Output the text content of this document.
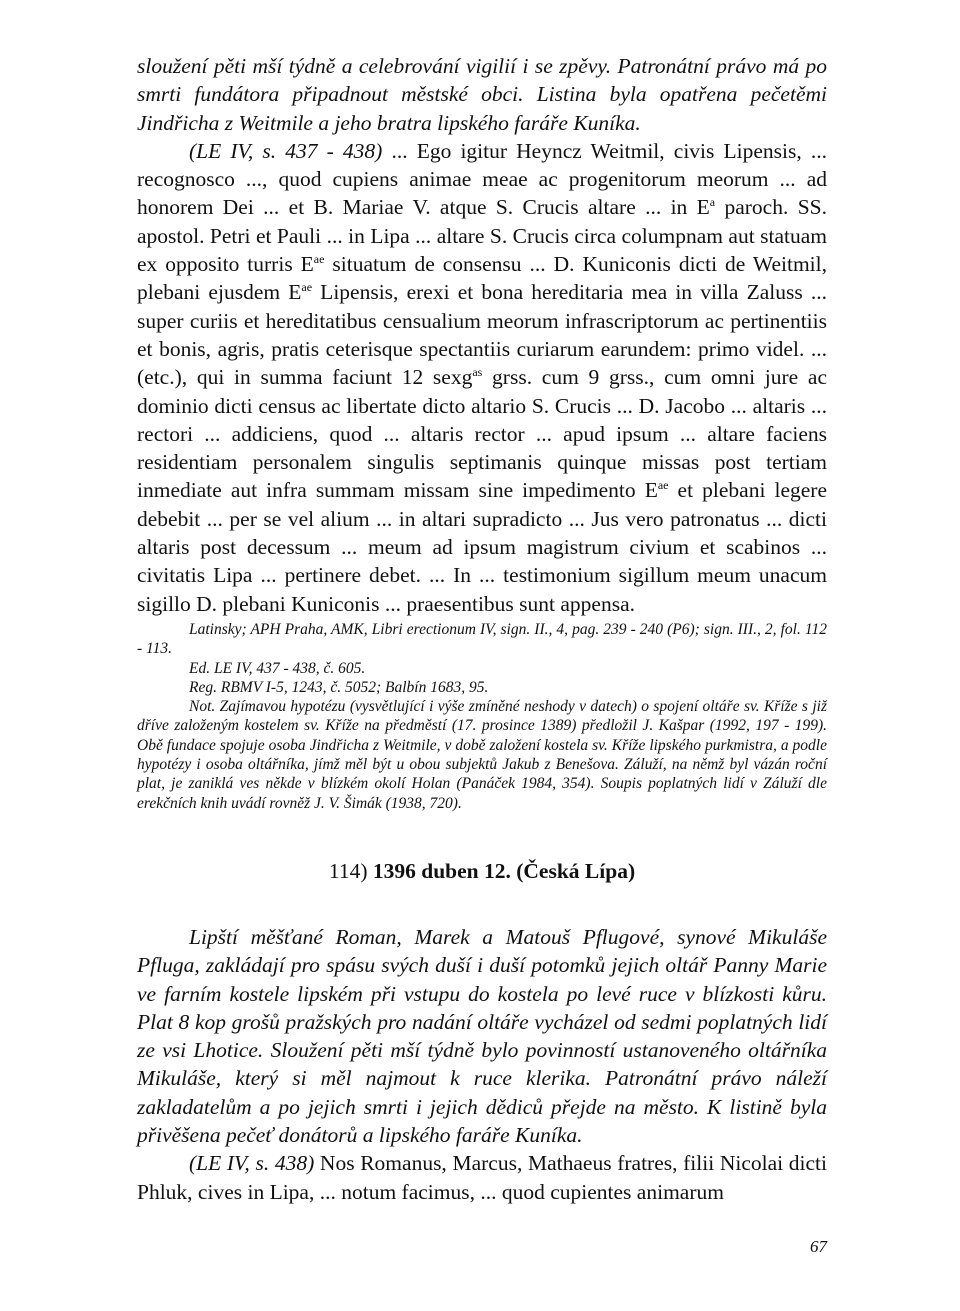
sloužení pěti mší týdně a celebrování vigilií i se zpěvy. Patronátní právo má po smrti fundátora připadnout městské obci. Listina byla opatřena pečetěmi Jindřicha z Weitmile a jeho bratra lipského faráře Kuníka.

(LE IV, s. 437 - 438) ... Ego igitur Heyncz Weitmil, civis Lipensis, ... recognosco ..., quod cupiens animae meae ac progenitorum meorum ... ad honorem Dei ... et B. Mariae V. atque S. Crucis altare ... in $E^a$ paroch. SS. apostol. Petri et Pauli ... in Lipa ... altare S. Crucis circa columpnam aut statuam ex opposito turris $E^{ae}$ situatum de consensu ... D. Kuniconis dicti de Weitmil, plebani ejusdem $E^{ae}$ Lipensis, erexi et bona hereditaria mea in villa Zaluss ... super curiis et hereditatibus censualium meorum infrascriptorum ac pertinentiis et bonis, agris, pratis ceterisque spectantiis curiarum earundem: primo videl. ... (etc.), qui in summa faciunt 12 sexg$^{as}$ grss. cum 9 grss., cum omni jure ac dominio dicti census ac libertate dicto altario S. Crucis ... D. Jacobo ... altaris ... rectori ... addiciens, quod ... altaris rector ... apud ipsum ... altare faciens residentiam personalem singulis septimanis quinque missas post tertiam inmediate aut infra summam missam sine impedimento $E^{ae}$ et plebani legere debebit ... per se vel alium ... in altari supradicto ... Jus vero patronatus ... dicti altaris post decessum ... meum ad ipsum magistrum civium et scabinos ... civitatis Lipa ... pertinere debet. ... In ... testimonium sigillum meum unacum sigillo D. plebani Kuniconis ... praesentibus sunt appensa.

Latinsky; APH Praha, AMK, Libri erectionum IV, sign. II., 4, pag. 239 - 240 (P6); sign. III., 2, fol. 112 - 113.

Ed. LE IV, 437 - 438, č. 605.

Reg. RBMV I-5, 1243, č. 5052; Balbín 1683, 95.

Not. Zajímavou hypotézu (vysvětlující i výše zmíněné neshody v datech) o spojení oltáře sv. Kříže s již dříve založeným kostelem sv. Kříže na předměstí (17. prosince 1389) předložil J. Kašpar (1992, 197 - 199). Obě fundace spojuje osoba Jindřicha z Weitmile, v době založení kostela sv. Kříže lipského purkmistra, a podle hypotézy i osoba oltářníka, jímž měl být u obou subjektů Jakub z Benešova. Záluží, na němž byl vázán roční plat, je zaniklá ves někde v blízkém okolí Holan (Panáček 1984, 354). Soupis poplatných lidí v Záluží dle erekčních knih uvádí rovněž J. V. Šimák (1938, 720).

114) 1396 duben 12. (Česká Lípa)

Lipští měšťané Roman, Marek a Matouš Pflugové, synové Mikuláše Pfluga, zakládají pro spásu svých duší i duší potomků jejich oltář Panny Marie ve farním kostele lipském při vstupu do kostela po levé ruce v blízkosti kůru. Plat 8 kop grošů pražských pro nadání oltáře vycházel od sedmi poplatných lidí ze vsi Lhotice. Sloužení pěti mší týdně bylo povinností ustanoveného oltářníka Mikuláše, který si měl najmout k ruce klerika. Patronátní právo náleží zakladatelům a po jejich smrti i jejich dědiců přejde na město. K listině byla přivěšena pečeť donátorů a lipského faráře Kuníka.

(LE IV, s. 438) Nos Romanus, Marcus, Mathaeus fratres, filii Nicolai dicti Phluk, cives in Lipa, ... notum facimus, ... quod cupientes animarum

67
